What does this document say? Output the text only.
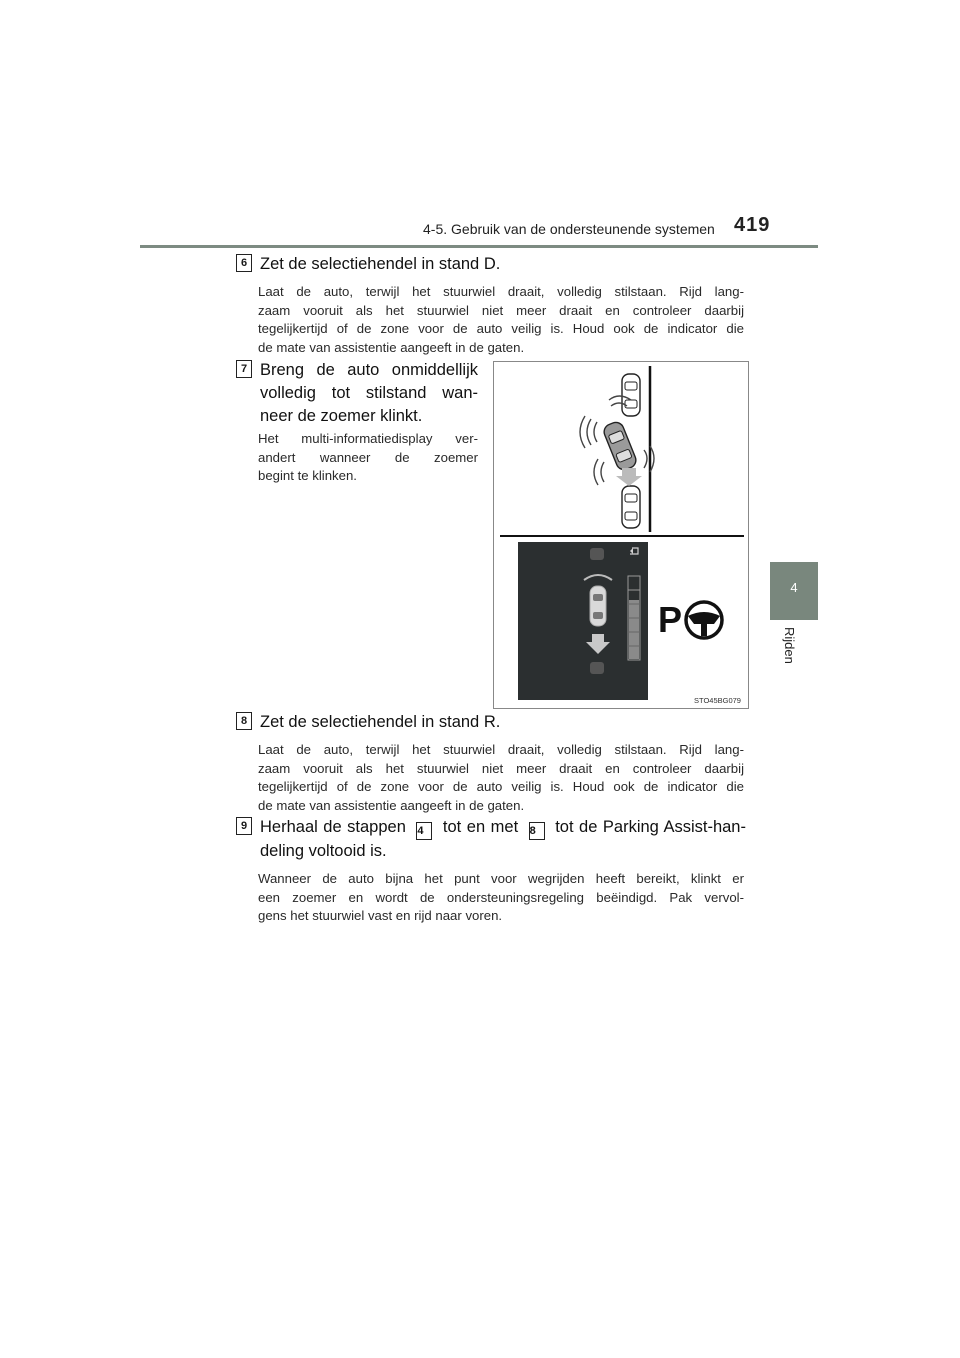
4-5. Gebruik van de ondersteunende systemen 419
4
Rijden
6 Zet de selectiehendel in stand D.
Laat de auto, terwijl het stuurwiel draait, volledig stilstaan. Rijd lang-
zaam vooruit als het stuurwiel niet meer draait en controleer daarbij
tegelijkertijd of de zone voor de auto veilig is. Houd ook de indicator die
de mate van assistentie aangeeft in de gaten.
7 Breng de auto onmiddellijk
volledig tot stilstand wan-
neer de zoemer klinkt.
Het multi-informatiedisplay ver-
andert wanneer de zoemer
begint te klinken.
P
STO45BG079
8 Zet de selectiehendel in stand R.
Laat de auto, terwijl het stuurwiel draait, volledig stilstaan. Rijd lang-
zaam vooruit als het stuurwiel niet meer draait en controleer daarbij
tegelijkertijd of de zone voor de auto veilig is. Houd ook de indicator die
de mate van assistentie aangeeft in de gaten.
9 Herhaal de stappen 4 tot en met 8 tot de Parking Assist-han-
deling voltooid is.
Wanneer de auto bijna het punt voor wegrijden heeft bereikt, klinkt er
een zoemer en wordt de ondersteuningsregeling beëindigd. Pak vervol-
gens het stuurwiel vast en rijd naar voren.
